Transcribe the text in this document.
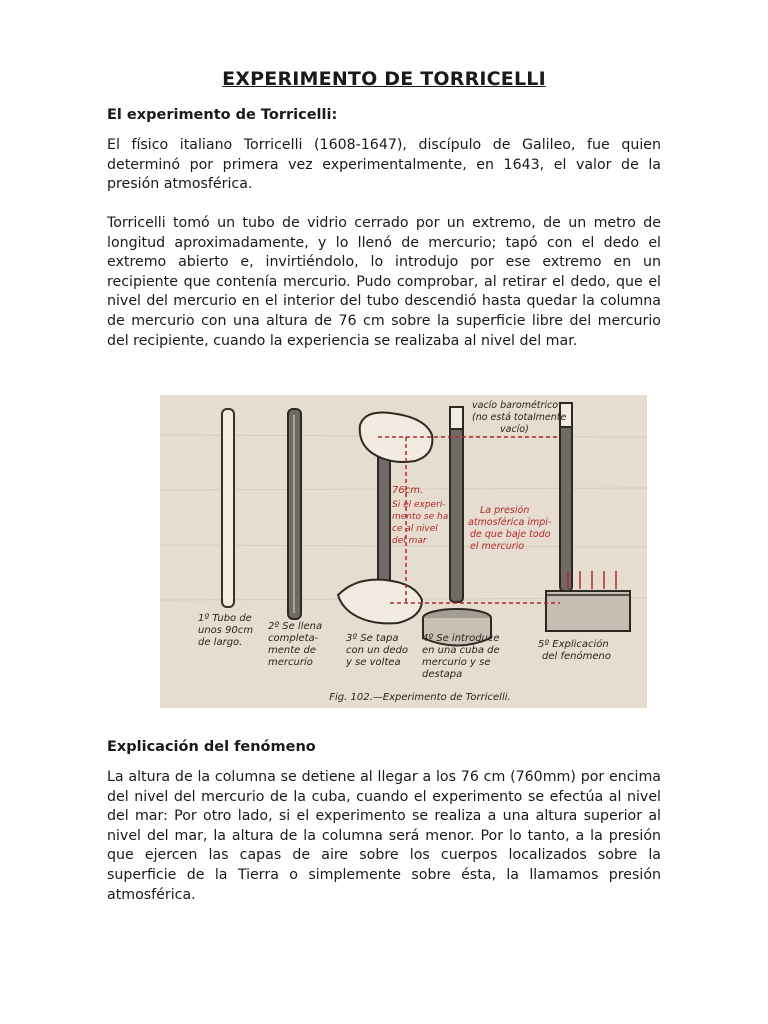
EXPERIMENTO DE TORRICELLI
El experimento de Torricelli:

El físico italiano Torricelli (1608-1647), discípulo de Galileo, fue quien determinó por primera vez experimentalmente, en 1643, el valor de la presión atmosférica.

Torricelli tomó un tubo de vidrio cerrado por un extremo, de un metro de longitud aproximadamente, y lo llenó de mercurio; tapó con el dedo el extremo abierto e, invirtiéndolo, lo introdujo por ese extremo en un recipiente que contenía mercurio. Pudo comprobar, al retirar el dedo, que el nivel del mercurio en el interior del tubo descendió hasta quedar la columna de mercurio con una altura de 76 cm sobre la superficie libre del mercurio del recipiente, cuando la experiencia se realizaba al nivel del mar.

76cm.
Si el experi- mento se ha- ce al nivel del mar
vacío barométrico (no está totalmente vacío)
La presión atmosférica impi- de que baje todo el mercurio
1º Tubo de unos 90cm de largo.
2º Se llena completa- mente de mercurio
3º Se tapa con un dedo y se voltea
4º Se introduce en una cuba de mercurio y se destapa
5º Explicación del fenómeno
Fig. 102.—Experimento de Torricelli.
Explicación del fenómeno

La altura de la columna se detiene al llegar a los 76 cm (760mm) por encima del nivel del mercurio de la cuba, cuando el experimento se efectúa al nivel del mar: Por otro lado, si el experimento se realiza a una altura superior al nivel del mar, la altura de la columna será menor. Por lo tanto, a la presión que ejercen las capas de aire sobre los cuerpos localizados sobre la superficie de la Tierra o simplemente sobre ésta, la llamamos presión atmosférica.
